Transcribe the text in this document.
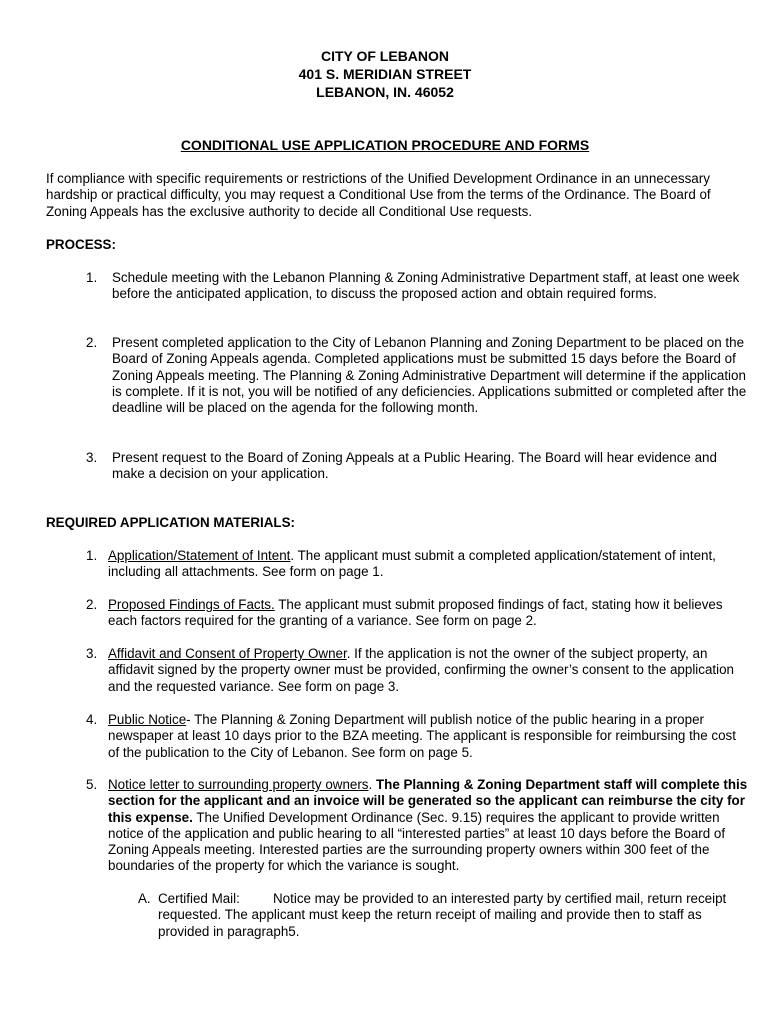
CITY OF LEBANON
401 S. MERIDIAN STREET
LEBANON, IN. 46052
CONDITIONAL USE APPLICATION PROCEDURE AND FORMS

If compliance with specific requirements or restrictions of the Unified Development Ordinance in an unnecessary hardship or practical difficulty, you may request a Conditional Use from the terms of the Ordinance. The Board of Zoning Appeals has the exclusive authority to decide all Conditional Use requests.

PROCESS:

1. Schedule meeting with the Lebanon Planning & Zoning Administrative Department staff, at least one week before the anticipated application, to discuss the proposed action and obtain required forms.

2. Present completed application to the City of Lebanon Planning and Zoning Department to be placed on the Board of Zoning Appeals agenda. Completed applications must be submitted 15 days before the Board of Zoning Appeals meeting. The Planning & Zoning Administrative Department will determine if the application is complete. If it is not, you will be notified of any deficiencies. Applications submitted or completed after the deadline will be placed on the agenda for the following month.

3. Present request to the Board of Zoning Appeals at a Public Hearing. The Board will hear evidence and make a decision on your application.

REQUIRED APPLICATION MATERIALS:

1. Application/Statement of Intent. The applicant must submit a completed application/statement of intent, including all attachments. See form on page 1.

2. Proposed Findings of Facts. The applicant must submit proposed findings of fact, stating how it believes each factors required for the granting of a variance. See form on page 2.

3. Affidavit and Consent of Property Owner. If the application is not the owner of the subject property, an affidavit signed by the property owner must be provided, confirming the owner’s consent to the application and the requested variance. See form on page 3.

4. Public Notice- The Planning & Zoning Department will publish notice of the public hearing in a proper newspaper at least 10 days prior to the BZA meeting. The applicant is responsible for reimbursing the cost of the publication to the City of Lebanon. See form on page 5.

5. Notice letter to surrounding property owners. The Planning & Zoning Department staff will complete this section for the applicant and an invoice will be generated so the applicant can reimburse the city for this expense. The Unified Development Ordinance (Sec. 9.15) requires the applicant to provide written notice of the application and public hearing to all “interested parties” at least 10 days before the Board of Zoning Appeals meeting. Interested parties are the surrounding property owners within 300 feet of the boundaries of the property for which the variance is sought.

A. Certified Mail: Notice may be provided to an interested party by certified mail, return receipt requested. The applicant must keep the return receipt of mailing and provide then to staff as provided in paragraph5.
